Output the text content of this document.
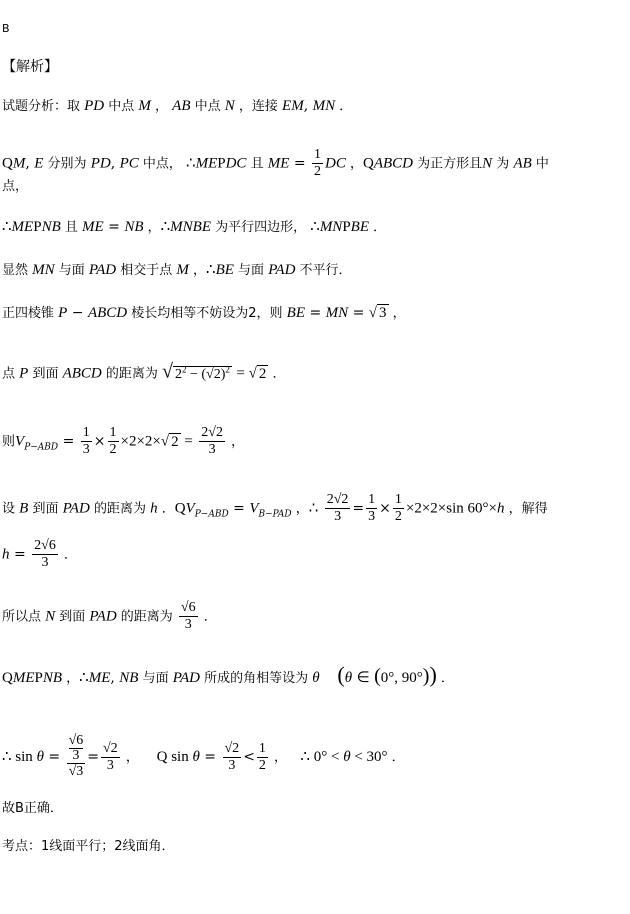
B
【解析】
试题分析：取 PD 中点 M ， AB 中点 N ，连接 EM, MN ．
QM, E 分别为 PD, PC 中点， ∴MEPDC 且 ME = $\frac{1}{2}$ DC ，QABCD 为正方形且N 为 AB 中
点，
∴MEPNB 且 ME = NB ，∴MNBE 为平行四边形， ∴MNPBE ．
显然 MN 与面 PAD 相交于点 M ，∴BE 与面 PAD 不平行．
正四棱锥 P − ABCD 棱长均相等不妨设为2，则 BE = MN = √ 3 ，
点 P 到面 ABCD 的距离为 √ $2^2 - (√2)^2$ = √ 2 ．
则$V_{P-ABD} = \frac{1}{3} \times \frac{1}{2} \times 2\times 2\times√$ $2 = \frac{2√2}{3}$ ，
设 B 到面 PAD 的距离为 h ．$QV_{P-ABD} = V_{B-PAD}$ ，∴ $\frac{2√2}{3} = \frac{1}{3} \times \frac{1}{2} \times 2\times 2\times\sin$ 60°×h ，解得
$h = \frac{2√6}{3}$ ．
所以点 N 到面 PAD 的距离为 $\frac{√6}{3}$ ．
QMEPNB ，∴ME, NB 与面 PAD 所成的角相等设为 θ (θ ∈ (0°, 90°)) ．
∴ sin θ = √6
3
$√3 = \frac{√2}{3}$ ， Q $\sin \theta = \frac{√2}{3} < \frac{1}{2}$ ， ∴ 0° < θ < 30° ．
故B正确．
考点：1线面平行；2线面角．
